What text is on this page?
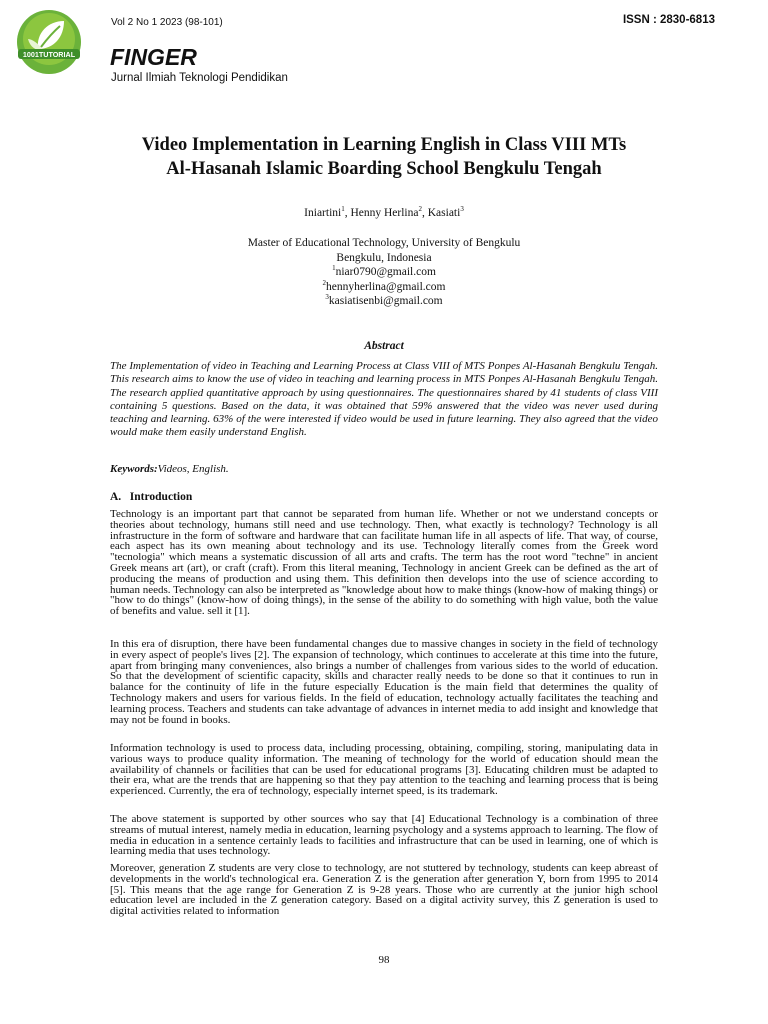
1001TUTORIAL
Vol 2 No 1 2023 (98-101)	ISSN : 2830-6813
FINGER
Jurnal Ilmiah Teknologi Pendidikan
Video Implementation in Learning English in Class VIII MTs
Al-Hasanah Islamic Boarding School Bengkulu Tengah
Iniartini$^1$, Henny Herlina$^2$, Kasiati$^3$
Master of Educational Technology, University of Bengkulu
Bengkulu, Indonesia
$^1$niar0790@gmail.com
$^2$hennyherlina@gmail.com
$^3$kasiatisenbi@gmail.com
Abstract
The Implementation of video in Teaching and Learning Process at Class VIII of MTS Ponpes Al-Hasanah Bengkulu Tengah. This research aims to know the use of video in teaching and learning process in MTS Ponpes Al-Hasanah Bengkulu Tengah. The research applied quantitative approach by using questionnaires. The questionnaires shared by 41 students of class VIII containing 5 questions. Based on the data, it was obtained that 59% answered that the video was never used during teaching and learning. 63% of the were interested if video would be used in future learning. They also agreed that the video would make them easily understand English.
Keywords:Videos, English.
A.   Introduction
Technology is an important part that cannot be separated from human life. Whether or not we understand concepts or theories about technology, humans still need and use technology. Then, what exactly is technology? Technology is all infrastructure in the form of software and hardware that can facilitate human life in all aspects of life. That way, of course, each aspect has its own meaning about technology and its use. Technology literally comes from the Greek word "tecnologia" which means a systematic discussion of all arts and crafts. The term has the root word "techne" in ancient Greek means art (art), or craft (craft). From this literal meaning, Technology in ancient Greek can be defined as the art of producing the means of production and using them. This definition then develops into the use of science according to human needs. Technology can also be interpreted as "knowledge about how to make things (know-how of making things) or "how to do things" (know-how of doing things), in the sense of the ability to do something with high value, both the value of benefits and value. sell it [1].
In this era of disruption, there have been fundamental changes due to massive changes in society in the field of technology in every aspect of people's lives [2]. The expansion of technology, which continues to accelerate at this time into the future, apart from bringing many conveniences, also brings a number of challenges from various sides to the world of education. So that the development of scientific capacity, skills and character really needs to be done so that it continues to run in balance for the continuity of life in the future especially Education is the main field that determines the quality of Technology makers and users for various fields. In the field of education, technology actually facilitates the teaching and learning process. Teachers and students can take advantage of advances in internet media to add insight and knowledge that may not be found in books.
Information technology is used to process data, including processing, obtaining, compiling, storing, manipulating data in various ways to produce quality information. The meaning of technology for the world of education should mean the availability of channels or facilities that can be used for educational programs [3]. Educating children must be adapted to their era, what are the trends that are happening so that they pay attention to the teaching and learning process that is being experienced. Currently, the era of technology, especially internet speed, is its trademark.
The above statement is supported by other sources who say that [4] Educational Technology is a combination of three streams of mutual interest, namely media in education, learning psychology and a systems approach to learning. The flow of media in education in a sentence certainly leads to facilities and infrastructure that can be used in learning, one of which is learning media that uses technology.
Moreover, generation Z students are very close to technology, are not stuttered by technology, students can keep abreast of developments in the world's technological era. Generation Z is the generation after generation Y, born from 1995 to 2014 [5]. This means that the age range for Generation Z is 9-28 years. Those who are currently at the junior high school education level are included in the Z generation category. Based on a digital activity survey, this Z generation is used to digital activities related to information
98
